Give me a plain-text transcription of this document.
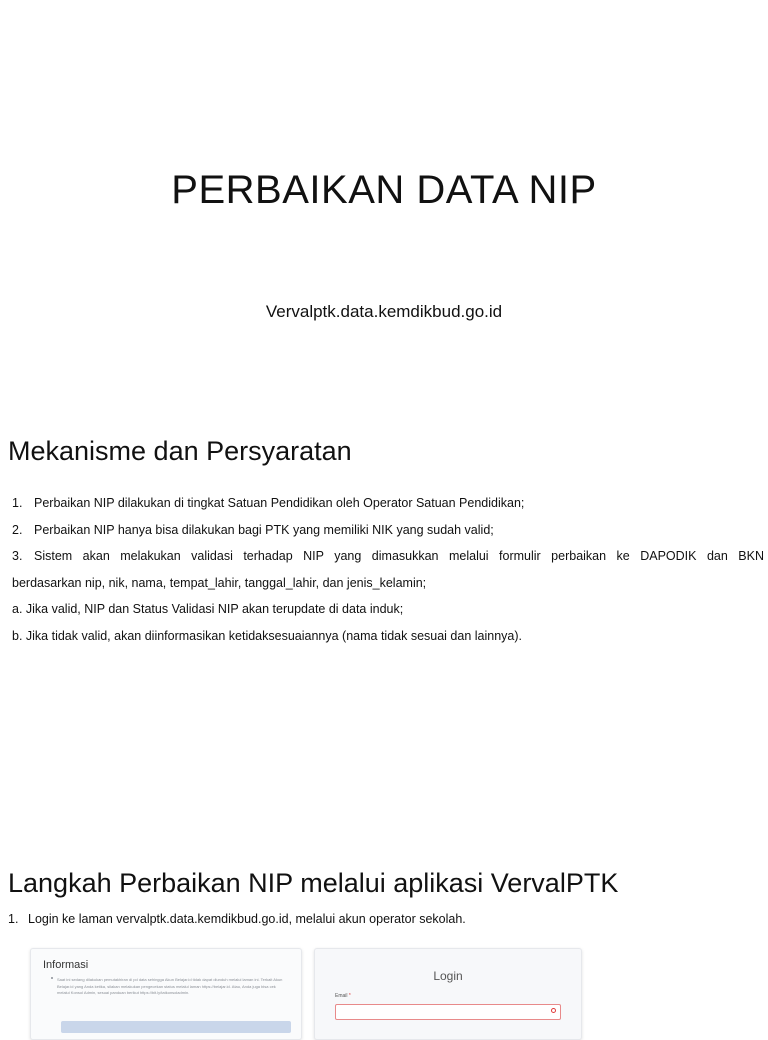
PERBAIKAN DATA NIP
Vervalptk.data.kemdikbud.go.id
Mekanisme dan Persyaratan
1. Perbaikan NIP dilakukan di tingkat Satuan Pendidikan oleh Operator Satuan Pendidikan;
2. Perbaikan NIP hanya bisa dilakukan bagi PTK yang memiliki NIK yang sudah valid;
3. Sistem akan melakukan validasi terhadap NIP yang dimasukkan melalui formulir perbaikan ke DAPODIK dan BKN
berdasarkan nip, nik, nama, tempat_lahir, tanggal_lahir, dan jenis_kelamin;
a. Jika valid, NIP dan Status Validasi NIP akan terupdate di data induk;
b. Jika tidak valid, akan diinformasikan ketidaksesuaiannya (nama tidak sesuai dan lainnya).
Langkah Perbaikan NIP melalui aplikasi VervalPTK
1. Login ke laman vervalptk.data.kemdikbud.go.id, melalui akun operator sekolah.
Informasi
Saat ini sedang dilakukan pemutakhiran di pd data sehingga Akun Belajar.id tidak dapat diunduh melalui laman ini. Terkait Akun Belajar.id yang Anda ketika, silakan melakukan pengecekan status melalui laman https://belajar.id. Atau, Anda juga bisa cek melalui Konsol Admin, sesuai panduan berikut https://bit.ly/tatkonsoladmin.
Login
Email *
